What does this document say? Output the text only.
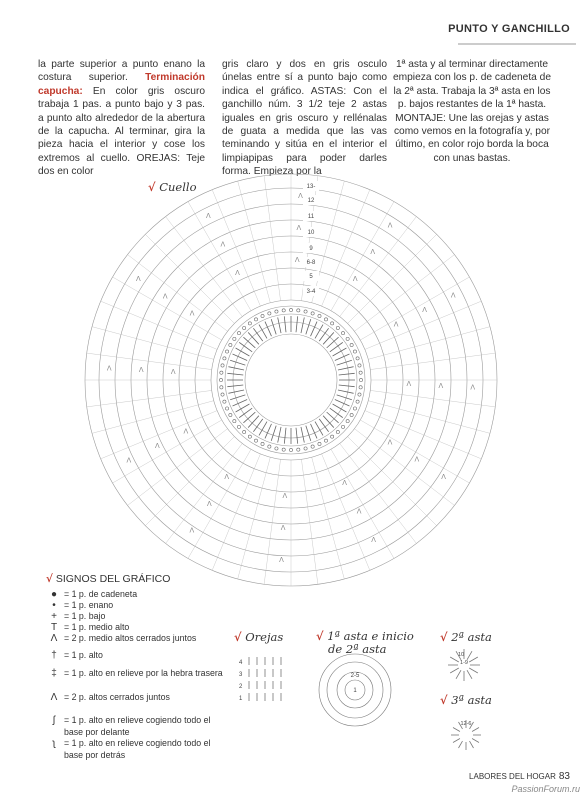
PUNTO Y GANCHILLO

la parte superior a punto enano la costura superior. Terminación capucha: En color gris oscuro trabaja 1 pas. a punto bajo y 3 pas. a punto alto alrededor de la abertura de la capucha. Al terminar, gira la pieza hacia el interior y cose los extremos al cuello. OREJAS: Teje dos en color

gris claro y dos en gris osculo únelas entre sí a punto bajo como indica el gráfico. ASTAS: Con el ganchillo núm. 3 1/2 teje 2 astas iguales en gris oscuro y rellénalas de guata a medida que las vas teminando y sitúa en el interior el limpiapipas para poder darles forma. Empieza por la

1ª asta y al terminar directamente empieza con los p. de cadeneta de la 2ª asta. Trabaja la 3ª asta en los p. bajos restantes de la 1ª hasta. MONTAJE: Une las orejas y astas como vemos en la fotografía y, por último, en color rojo borda la boca con unas bastas.

√ Cuello
Λ	Λ	Λ
Λ
Λ
Λ
Λ
Λ
Λ
Λ
Λ
Λ
Λ
Λ
Λ
Λ
Λ
Λ
Λ
Λ
Λ
Λ
Λ
Λ
Λ
Λ
Λ
Λ
Λ
Λ
Λ
Λ
Λ
Λ
Λ
Λ
13-
12
11
10
9
6-8
5
3-4
√ SIGNOS DEL GRÁFICO
● = 1 p. de cadeneta
• = 1 p. enano
+ = 1 p. bajo
T = 1 p. medio alto
Λ = 2 p. medio altos cerrados juntos
† = 1 p. alto
‡ = 1 p. alto en relieve por la hebra trasera
Λ = 2 p. altos cerrados juntos
ʃ	= 1 p. alto en relieve cogiendo todo el base por delante
ʅ	= 1 p. alto en relieve cogiendo todo el base por detrás
√ Orejas	√ 1ª asta e inicio
de 2ª asta
√ 2ª asta
√ 3ª asta
4
3
2
1
2-5
1
10
1-9
12-6
LABORES DEL HOGAR 83
PassionForum.ru
